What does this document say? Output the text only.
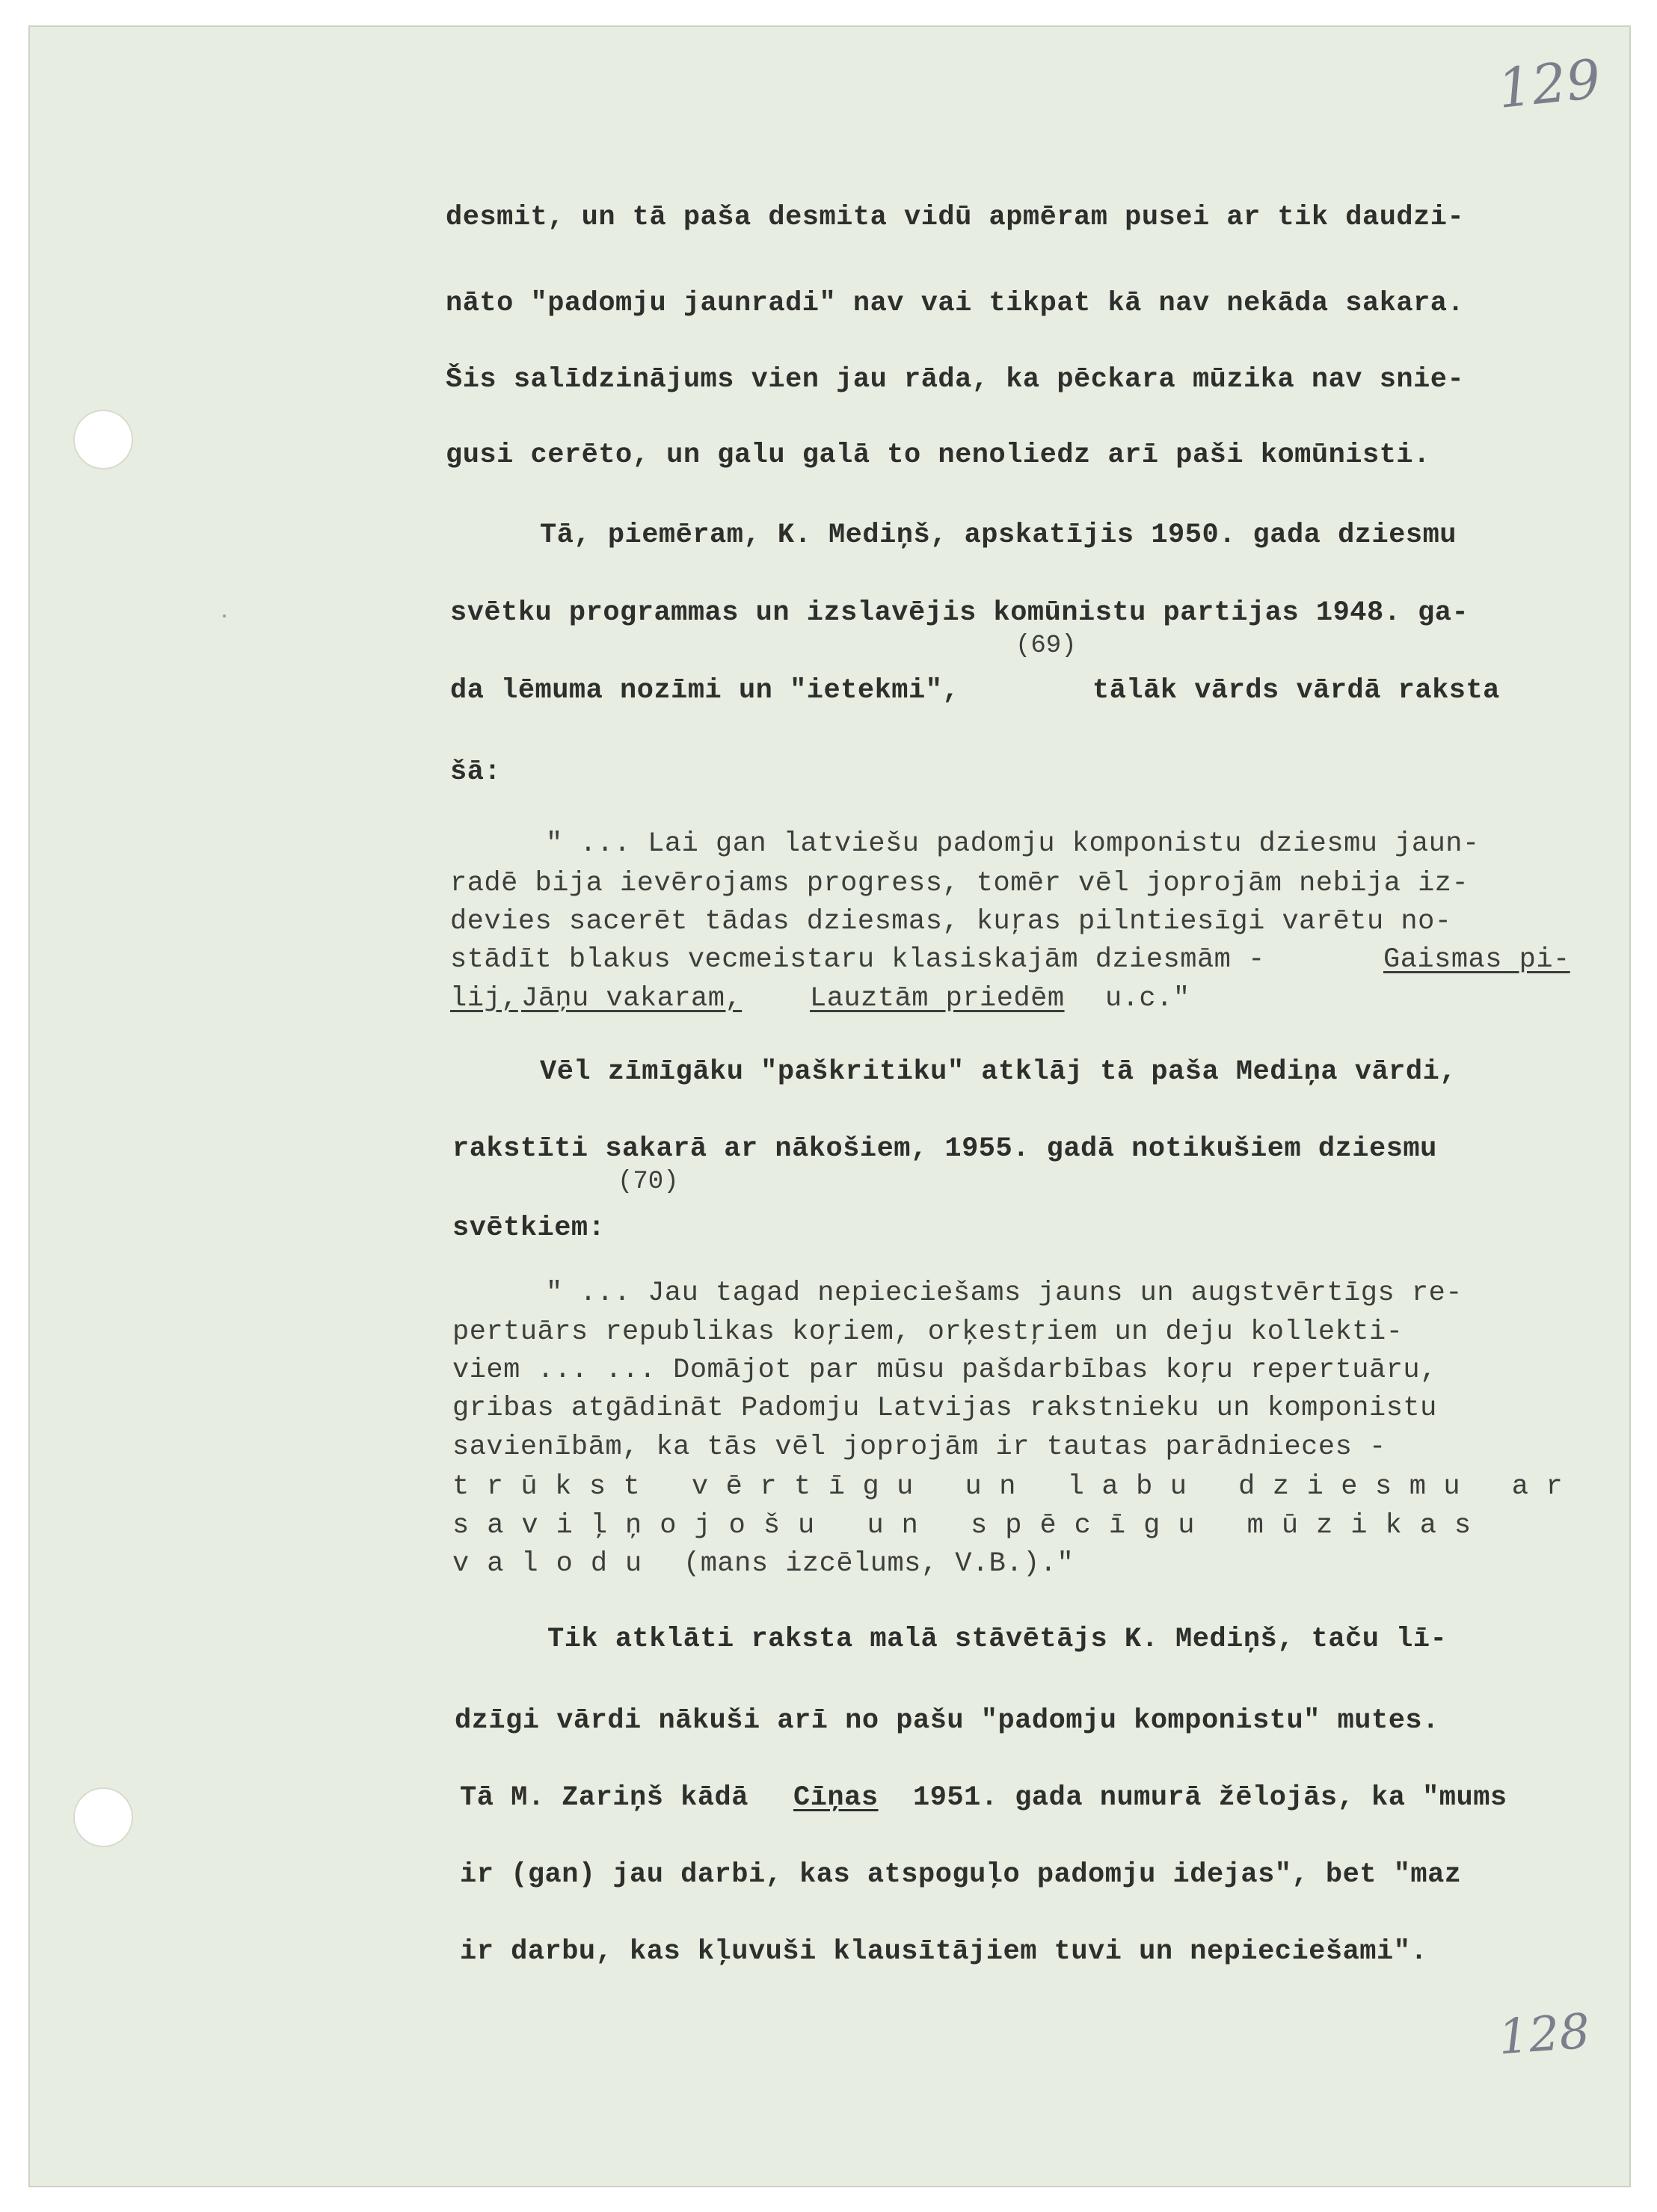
129
128
desmit, un tā paša desmita vidū apmēram pusei ar tik daudzi-
nāto "padomju jaunradi" nav vai tikpat kā nav nekāda sakara.
Šis salīdzinājums vien jau rāda, ka pēckara mūzika nav snie-
gusi cerēto, un galu galā to nenoliedz arī paši komūnisti.
Tā, piemēram, K. Mediņš, apskatījis 1950. gada dziesmu
svētku programmas un izslavējis komūnistu partijas 1948. ga-
(69)
da lēmuma nozīmi un "ietekmi",	tālāk vārds vārdā raksta
šā:
" ... Lai gan latviešu padomju komponistu dziesmu jaun-
radē bija ievērojams progress, tomēr vēl joprojām nebija iz-
devies sacerēt tādas dziesmas, kuŗas pilntiesīgi varētu no-
stādīt blakus vecmeistaru klasiskajām dziesmām -	Gaismas pi-
lij, Jāņu vakaram, Lauztām priedēm u.c."
Vēl zīmīgāku "paškritiku" atklāj tā paša Mediņa vārdi,
rakstīti sakarā ar nākošiem, 1955. gadā notikušiem dziesmu
(70)
svētkiem:
" ... Jau tagad nepieciešams jauns un augstvērtīgs re-
pertuārs republikas koŗiem, orķestŗiem un deju kollekti-
viem ... ... Domājot par mūsu pašdarbības koŗu repertuāru,
gribas atgādināt Padomju Latvijas rakstnieku un komponistu
savienībām, ka tās vēl joprojām ir tautas parādnieces -
trūkst vērtīgu un labu dziesmu ar
saviļņojošu un spēcīgu mūzikas
valodu (mans izcēlums, V.B.)."
Tik atklāti raksta malā stāvētājs K. Mediņš, taču lī-
dzīgi vārdi nākuši arī no pašu "padomju komponistu" mutes.
Tā M. Zariņš kādā Cīņas 1951. gada numurā žēlojās, ka "mums
ir (gan) jau darbi, kas atspoguļo padomju idejas", bet "maz
ir darbu, kas kļuvuši klausītājiem tuvi un nepieciešami".
